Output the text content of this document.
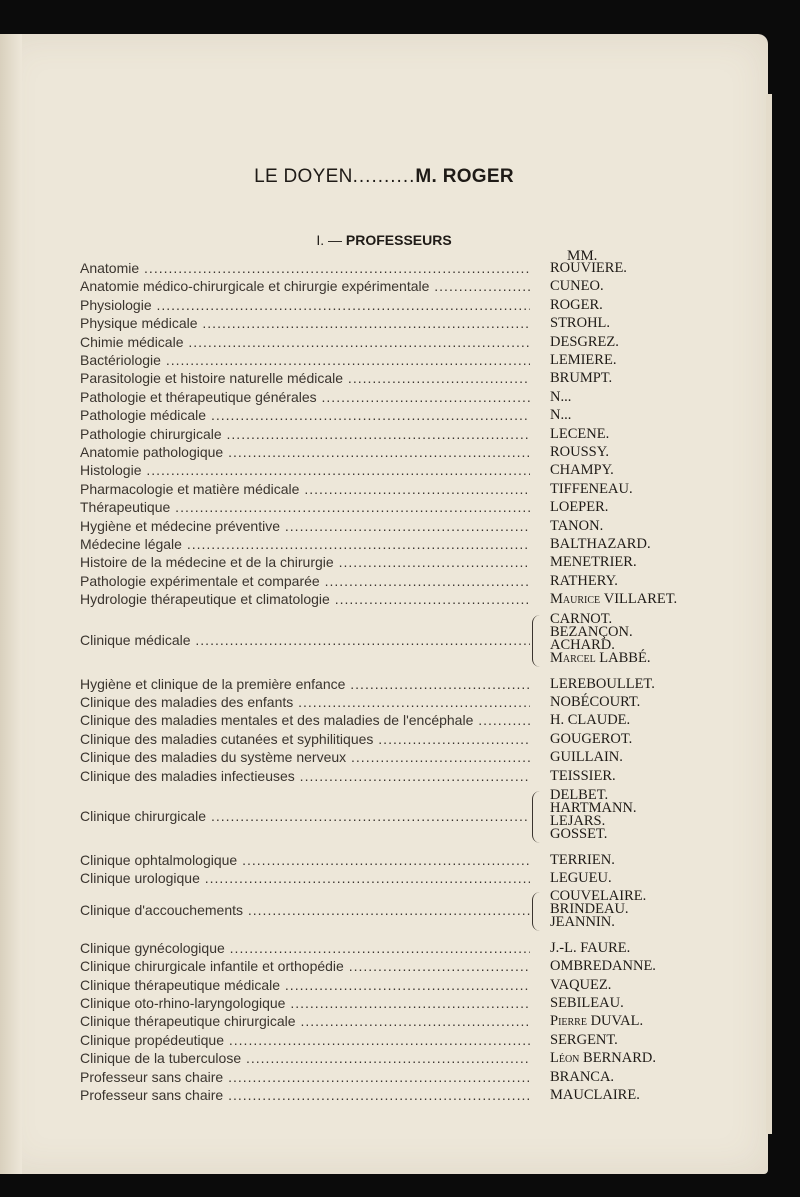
LE DOYEN..........M. ROGER
I. — PROFESSEURS
MM.
Anatomie .....	ROUVIERE.
Anatomie médico-chirurgicale et chirurgie expérimentale .....	CUNEO.
Physiologie .....	ROGER.
Physique médicale .....	STROHL.
Chimie médicale .....	DESGREZ.
Bactériologie .....	LEMIERE.
Parasitologie et histoire naturelle médicale .....	BRUMPT.
Pathologie et thérapeutique générales .....	N...
Pathologie médicale .....	N...
Pathologie chirurgicale .....	LECENE.
Anatomie pathologique .....	ROUSSY.
Histologie .....	CHAMPY.
Pharmacologie et matière médicale .....	TIFFENEAU.
Thérapeutique .....	LOEPER.
Hygiène et médecine préventive .....	TANON.
Médecine légale .....	BALTHAZARD.
Histoire de la médecine et de la chirurgie .....	MENETRIER.
Pathologie expérimentale et comparée .....	RATHERY.
Hydrologie thérapeutique et climatologie .....	Maurice VILLARET.
Clinique médicale .....
CARNOT.
BEZANÇON.
ACHARD.
Marcel LABBÉ.
Hygiène et clinique de la première enfance .....	LEREBOULLET.
Clinique des maladies des enfants .....	NOBÉCOURT.
Clinique des maladies mentales et des maladies de l'encéphale .....	H. CLAUDE.
Clinique des maladies cutanées et syphilitiques .....	GOUGEROT.
Clinique des maladies du système nerveux .....	GUILLAIN.
Clinique des maladies infectieuses .....	TEISSIER.
Clinique chirurgicale .....
DELBET.
HARTMANN.
LEJARS.
GOSSET.
Clinique ophtalmologique .....	TERRIEN.
Clinique urologique .....	LEGUEU.
Clinique d'accouchements .....
COUVELAIRE.
BRINDEAU.
JEANNIN.
Clinique gynécologique .....	J.-L. FAURE.
Clinique chirurgicale infantile et orthopédie .....	OMBREDANNE.
Clinique thérapeutique médicale .....	VAQUEZ.
Clinique oto-rhino-laryngologique .....	SEBILEAU.
Clinique thérapeutique chirurgicale .....	Pierre DUVAL.
Clinique propédeutique .....	SERGENT.
Clinique de la tuberculose .....	Léon BERNARD.
Professeur sans chaire .....	BRANCA.
Professeur sans chaire .....	MAUCLAIRE.
